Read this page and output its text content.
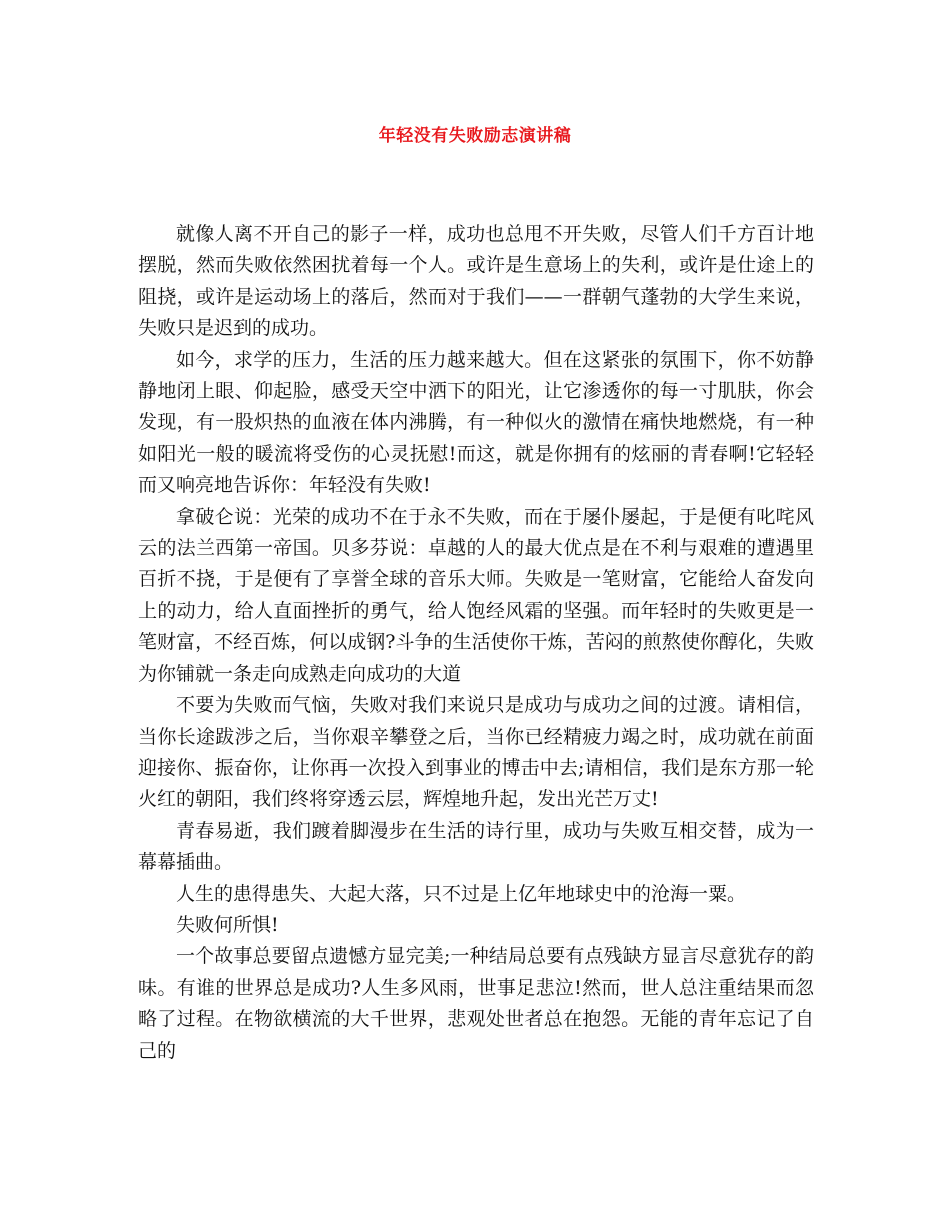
年轻没有失败励志演讲稿

就像人离不开自己的影子一样，成功也总甩不开失败，尽管人们千方百计地摆脱，然而失败依然困扰着每一个人。或许是生意场上的失利，或许是仕途上的阻挠，或许是运动场上的落后，然而对于我们——一群朝气蓬勃的大学生来说，失败只是迟到的成功。

如今，求学的压力，生活的压力越来越大。但在这紧张的氛围下，你不妨静静地闭上眼、仰起脸，感受天空中洒下的阳光，让它渗透你的每一寸肌肤，你会发现，有一股炽热的血液在体内沸腾，有一种似火的激情在痛快地燃烧，有一种如阳光一般的暖流将受伤的心灵抚慰!而这，就是你拥有的炫丽的青春啊!它轻轻而又响亮地告诉你：年轻没有失败!

拿破仑说：光荣的成功不在于永不失败，而在于屡仆屡起，于是便有叱咤风云的法兰西第一帝国。贝多芬说：卓越的人的最大优点是在不利与艰难的遭遇里百折不挠，于是便有了享誉全球的音乐大师。失败是一笔财富，它能给人奋发向上的动力，给人直面挫折的勇气，给人饱经风霜的坚强。而年轻时的失败更是一笔财富，不经百炼，何以成钢?斗争的生活使你干炼，苦闷的煎熬使你醇化，失败为你铺就一条走向成熟走向成功的大道

不要为失败而气恼，失败对我们来说只是成功与成功之间的过渡。请相信，当你长途跋涉之后，当你艰辛攀登之后，当你已经精疲力竭之时，成功就在前面迎接你、振奋你，让你再一次投入到事业的博击中去;请相信，我们是东方那一轮火红的朝阳，我们终将穿透云层，辉煌地升起，发出光芒万丈!

青春易逝，我们踱着脚漫步在生活的诗行里，成功与失败互相交替，成为一幕幕插曲。

人生的患得患失、大起大落，只不过是上亿年地球史中的沧海一粟。

失败何所惧!

一个故事总要留点遗憾方显完美;一种结局总要有点残缺方显言尽意犹存的韵味。有谁的世界总是成功?人生多风雨，世事足悲泣!然而，世人总注重结果而忽略了过程。在物欲横流的大千世界，悲观处世者总在抱怨。无能的青年忘记了自己的
